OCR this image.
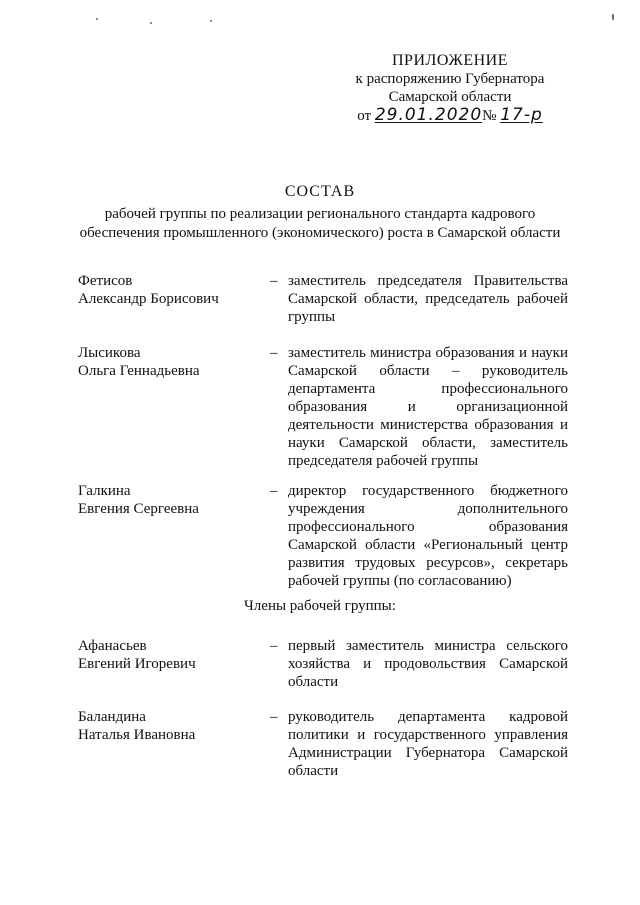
ПРИЛОЖЕНИЕ
к распоряжению Губернатора
Самарской области
от 29.01.2020№ 17-р
СОСТАВ
рабочей группы по реализации регионального стандарта кадрового
обеспечения промышленного (экономического) роста в Самарской области
Фетисов
Александр Борисович
– заместитель председателя Правительства Самарской области, председатель рабочей группы
Лысикова
Ольга Геннадьевна
– заместитель министра образования и науки Самарской области – руководитель департамента профессионального образования и организационной деятельности министерства образования и науки Самарской области, заместитель председателя рабочей группы
Галкина
Евгения Сергеевна
– директор государственного бюджетного учреждения дополнительного профессионального образования Самарской области «Региональный центр развития трудовых ресурсов», секретарь рабочей группы (по согласованию)
Члены рабочей группы:
Афанасьев
Евгений Игоревич
– первый заместитель министра сельского хозяйства и продовольствия Самарской области
Баландина
Наталья Ивановна
– руководитель департамента кадровой политики и государственного управления Администрации Губернатора Самарской области
